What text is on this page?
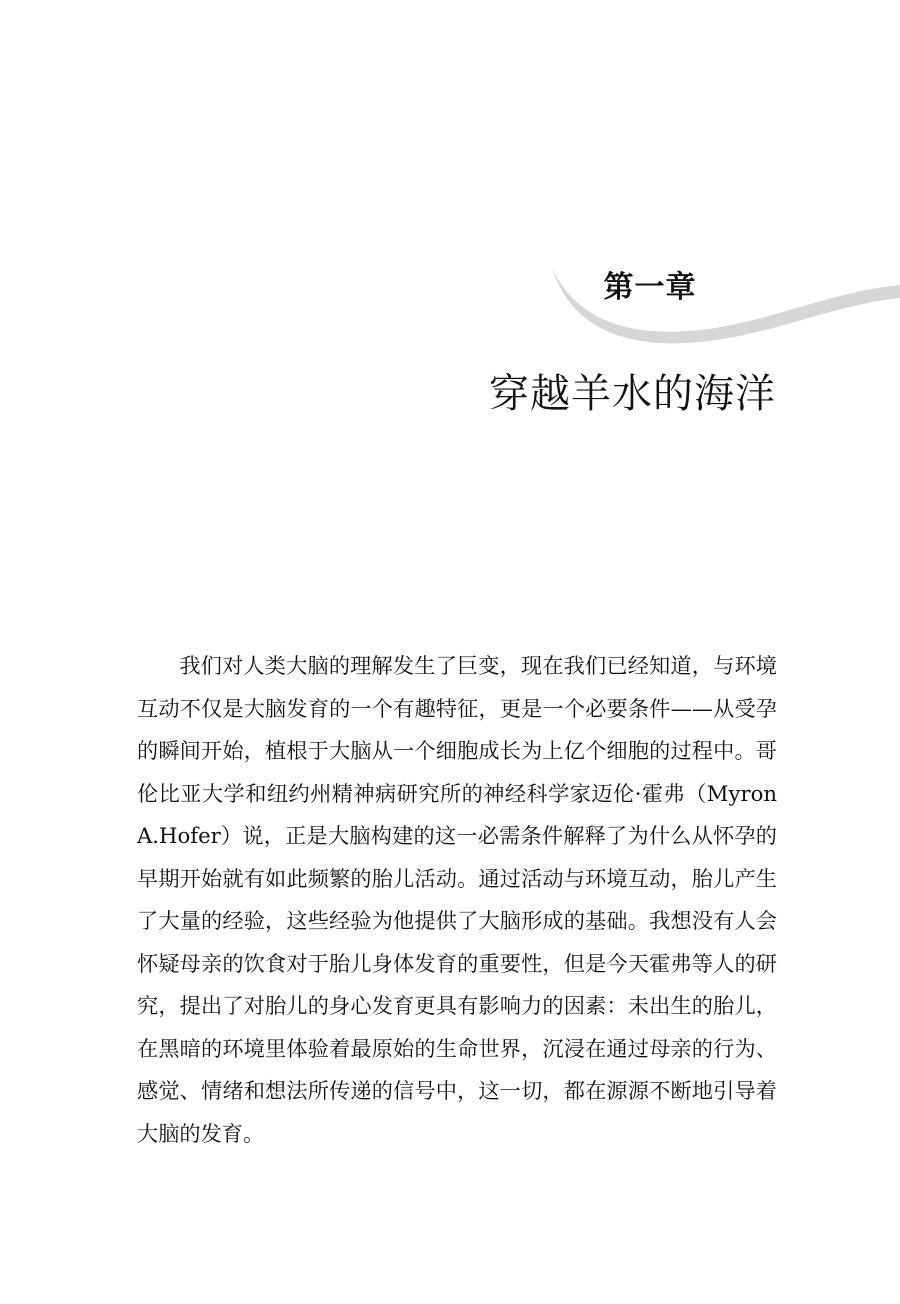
第一章
穿越羊水的海洋

我们对人类大脑的理解发生了巨变，现在我们已经知道，与环境互动不仅是大脑发育的一个有趣特征，更是一个必要条件——从受孕的瞬间开始，植根于大脑从一个细胞成长为上亿个细胞的过程中。哥伦比亚大学和纽约州精神病研究所的神经科学家迈伦·霍弗（Myron A.Hofer）说，正是大脑构建的这一必需条件解释了为什么从怀孕的早期开始就有如此频繁的胎儿活动。通过活动与环境互动，胎儿产生了大量的经验，这些经验为他提供了大脑形成的基础。我想没有人会怀疑母亲的饮食对于胎儿身体发育的重要性，但是今天霍弗等人的研究，提出了对胎儿的身心发育更具有影响力的因素：未出生的胎儿，在黑暗的环境里体验着最原始的生命世界，沉浸在通过母亲的行为、感觉、情绪和想法所传递的信号中，这一切，都在源源不断地引导着大脑的发育。
